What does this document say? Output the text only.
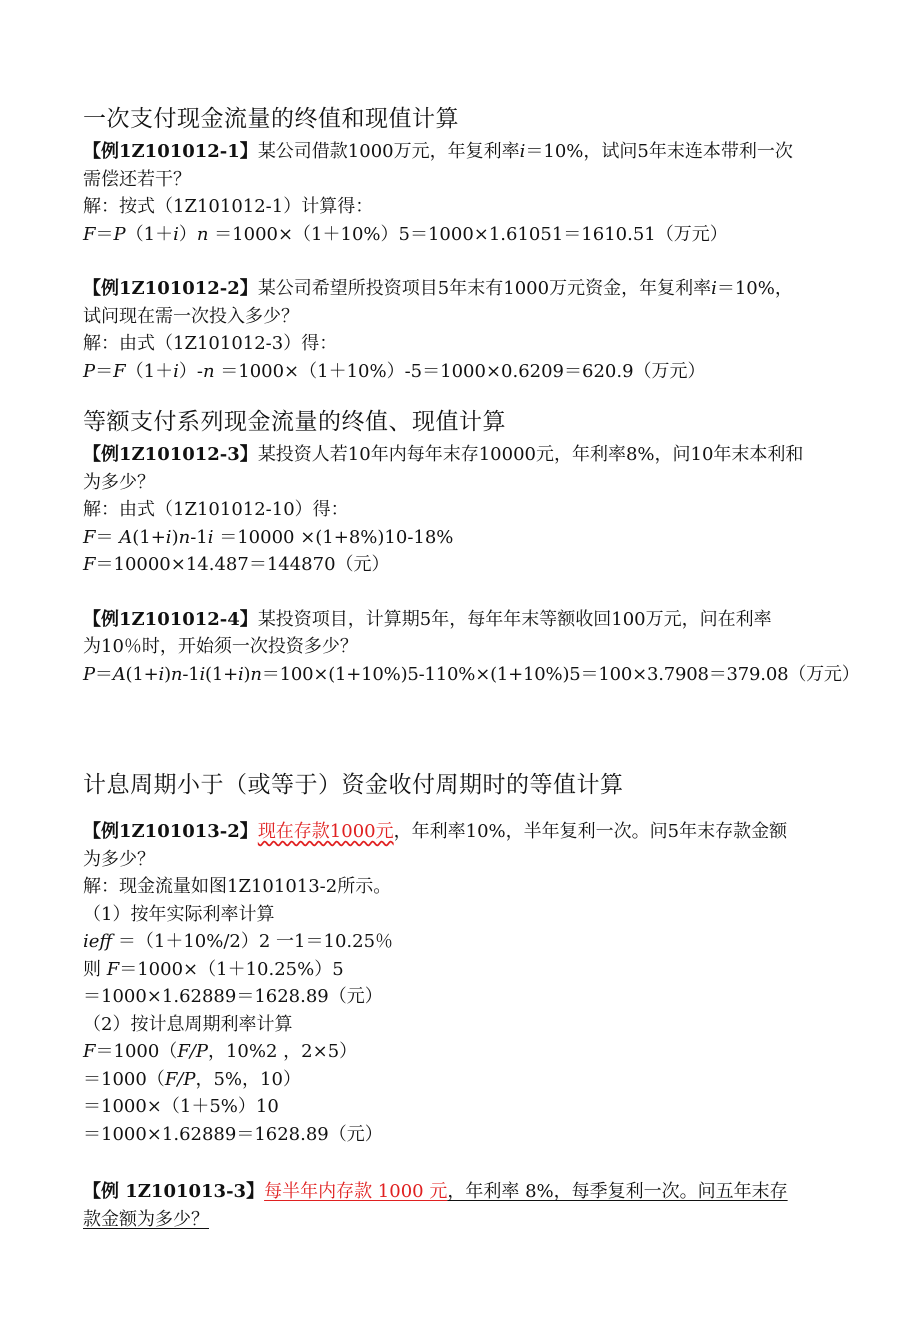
一次支付现金流量的终值和现值计算
【例1Z101012-1】某公司借款1000万元，年复利率i＝10%，试问5年末连本带利一次
需偿还若干？
解：按式（1Z101012-1）计算得：
F＝P（1＋i）n ＝1000×（1＋10%）5＝1000×1.61051＝1610.51（万元）
【例1Z101012-2】某公司希望所投资项目5年末有1000万元资金，年复利率i＝10%，
试问现在需一次投入多少？
解：由式（1Z101012-3）得：
P＝F（1＋i）-n ＝1000×（1＋10%）-5＝1000×0.6209＝620.9（万元）
等额支付系列现金流量的终值、现值计算
【例1Z101012-3】某投资人若10年内每年末存10000元，年利率8%，问10年末本利和
为多少？
解：由式（1Z101012-10）得：
F＝ A(1+i)n-1i ＝10000 ×(1+8%)10-18%
F＝10000×14.487＝144870（元）
【例1Z101012-4】某投资项目，计算期5年，每年年末等额收回100万元，问在利率
为10％时，开始须一次投资多少？
P＝A(1+i)n-1i(1+i)n＝100×(1+10%)5-110%×(1+10%)5＝100×3.7908＝379.08（万元）
计息周期小于（或等于）资金收付周期时的等值计算
【例1Z101013-2】现在存款1000元，年利率10%，半年复利一次。问5年末存款金额
为多少？
解：现金流量如图1Z101013-2所示。
（1）按年实际利率计算
ieff ＝（1＋10%/2）2 一1＝10.25％
则 F＝1000×（1＋10.25%）5
＝1000×1.62889＝1628.89（元）
（2）按计息周期利率计算
F＝1000（F/P，10%2 ，2×5）
＝1000（F/P，5%，10）
＝1000×（1＋5%）10
＝1000×1.62889＝1628.89（元）
【例 1Z101013-3】每半年内存款 1000 元，年利率 8%，每季复利一次。问五年末存
款金额为多少？
